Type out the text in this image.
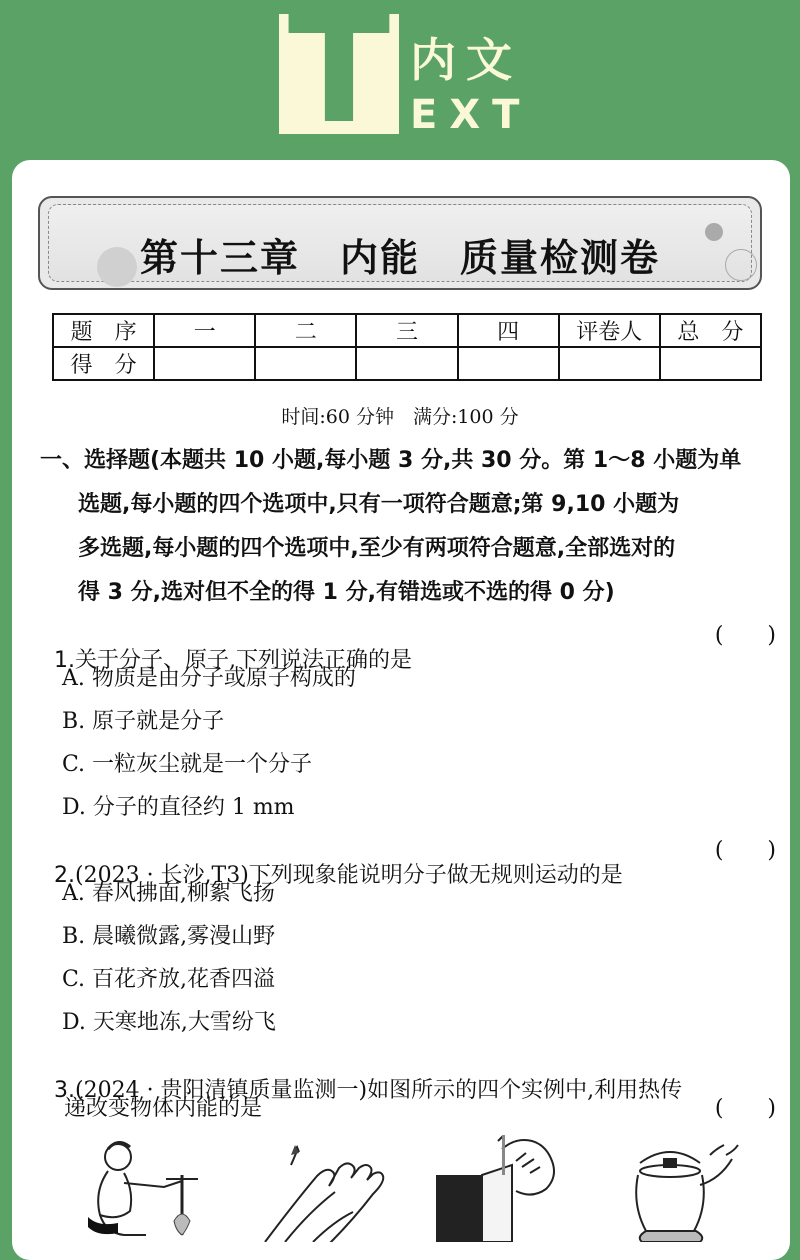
T 内文
EXT
第十三章　内能　质量检测卷
题　序	一	二	三	四	评卷人	总　分
得　分						
时间:60 分钟　满分:100 分
一、选择题(本题共 10 小题,每小题 3 分,共 30 分。第 1～8 小题为单
选题,每小题的四个选项中,只有一项符合题意;第 9,10 小题为
多选题,每小题的四个选项中,至少有两项符合题意,全部选对的
得 3 分,选对但不全的得 1 分,有错选或不选的得 0 分)

1.关于分子、原子,下列说法正确的是

(　　)
A. 物质是由分子或原子构成的
B. 原子就是分子
C. 一粒灰尘就是一个分子
D. 分子的直径约 1 mm

2.(2023 · 长沙,T3)下列现象能说明分子做无规则运动的是

(　　)
A. 春风拂面,柳絮飞扬
B. 晨曦微露,雾漫山野
C. 百花齐放,花香四溢
D. 天寒地冻,大雪纷飞

3.(2024 · 贵阳清镇质量监测一)如图所示的四个实例中,利用热传

递改变物体内能的是	(　　)
